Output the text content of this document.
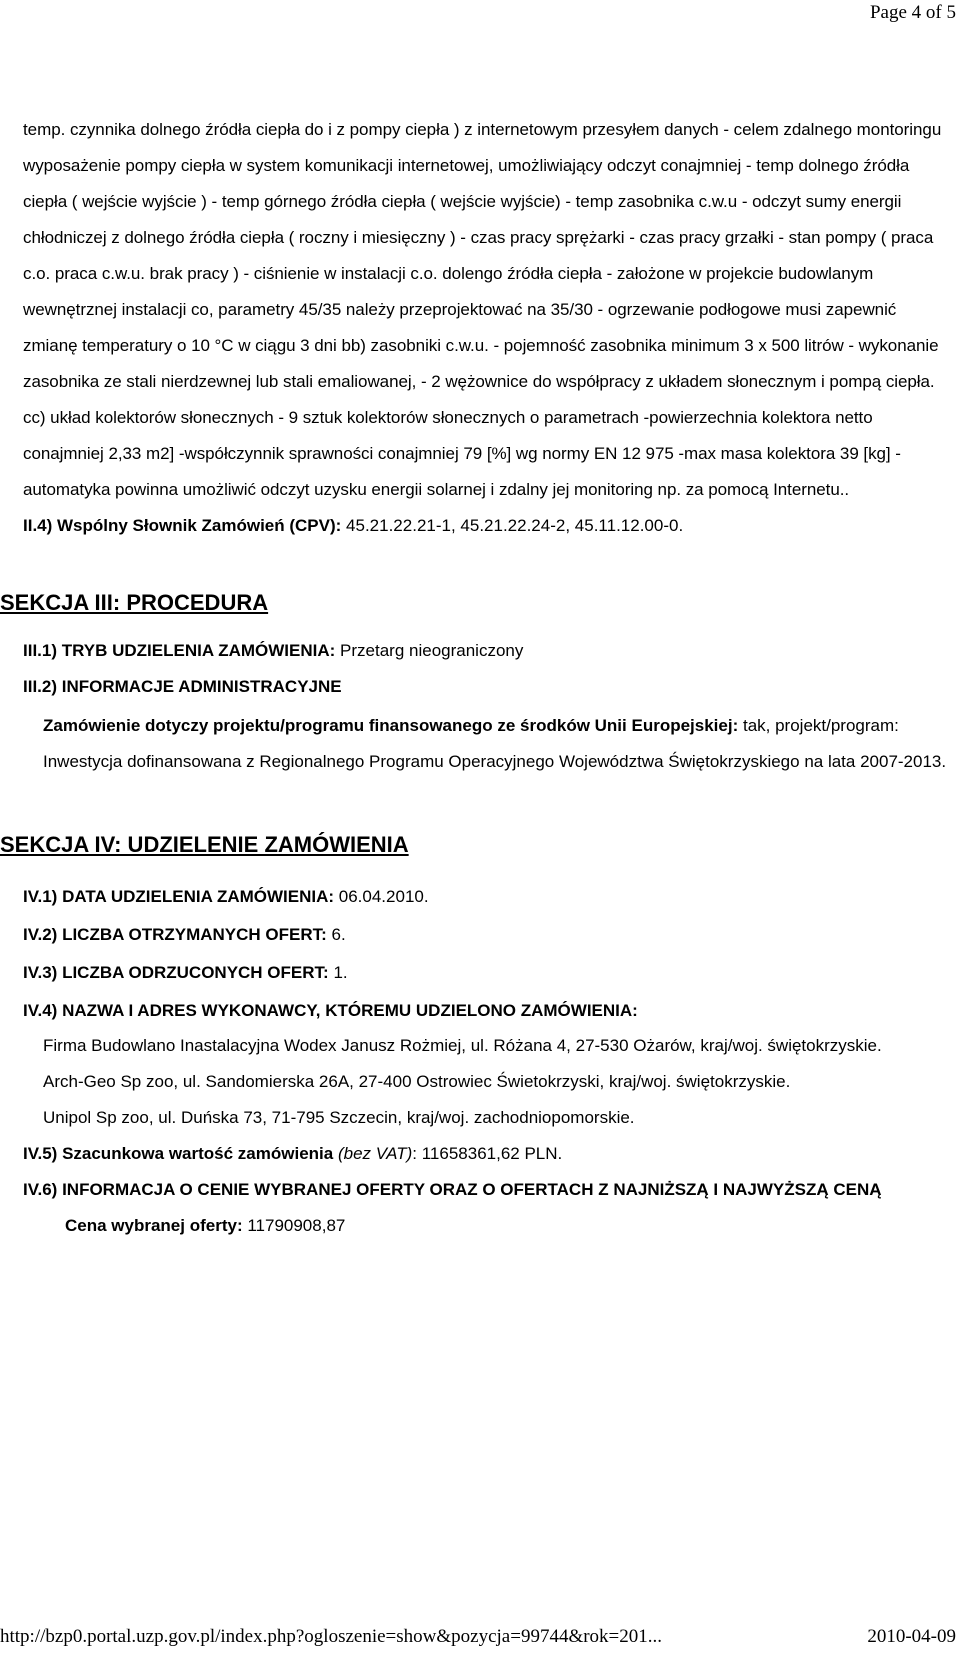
Page 4 of 5

temp. czynnika dolnego źródła ciepła do i z pompy ciepła ) z internetowym przesyłem danych - celem zdalnego montoringu wyposażenie pompy ciepła w system komunikacji internetowej, umożliwiający odczyt conajmniej - temp dolnego źródła ciepła ( wejście wyjście ) - temp górnego źródła ciepła ( wejście wyjście) - temp zasobnika c.w.u - odczyt sumy energii chłodniczej z dolnego źródła ciepła ( roczny i miesięczny ) - czas pracy sprężarki - czas pracy grzałki - stan pompy ( praca c.o. praca c.w.u. brak pracy ) - ciśnienie w instalacji c.o. dolengo źródła ciepła - założone w projekcie budowlanym wewnętrznej instalacji co, parametry 45/35 należy przeprojektować na 35/30 - ogrzewanie podłogowe musi zapewnić zmianę temperatury o 10 °C w ciągu 3 dni bb) zasobniki c.w.u. - pojemność zasobnika minimum 3 x 500 litrów - wykonanie zasobnika ze stali nierdzewnej lub stali emaliowanej, - 2 wężownice do współpracy z układem słonecznym i pompą ciepła. cc) układ kolektorów słonecznych - 9 sztuk kolektorów słonecznych o parametrach -powierzechnia kolektora netto conajmniej 2,33 m2] -współczynnik sprawności conajmniej 79 [%] wg normy EN 12 975 -max masa kolektora 39 [kg] -automatyka powinna umożliwić odczyt uzysku energii solarnej i zdalny jej monitoring np. za pomocą Internetu..

II.4) Wspólny Słownik Zamówień (CPV): 45.21.22.21-1, 45.21.22.24-2, 45.11.12.00-0.

SEKCJA III: PROCEDURA

III.1) TRYB UDZIELENIA ZAMÓWIENIA: Przetarg nieograniczony

III.2) INFORMACJE ADMINISTRACYJNE

Zamówienie dotyczy projektu/programu finansowanego ze środków Unii Europejskiej: tak, projekt/program: Inwestycja dofinansowana z Regionalnego Programu Operacyjnego Województwa Świętokrzyskiego na lata 2007-2013.

SEKCJA IV: UDZIELENIE ZAMÓWIENIA

IV.1) DATA UDZIELENIA ZAMÓWIENIA: 06.04.2010.

IV.2) LICZBA OTRZYMANYCH OFERT: 6.

IV.3) LICZBA ODRZUCONYCH OFERT: 1.

IV.4) NAZWA I ADRES WYKONAWCY, KTÓREMU UDZIELONO ZAMÓWIENIA:

Firma Budowlano Inastalacyjna Wodex Janusz Rożmiej, ul. Różana 4, 27-530 Ożarów, kraj/woj. świętokrzyskie.

Arch-Geo Sp zoo, ul. Sandomierska 26A, 27-400 Ostrowiec Świetokrzyski, kraj/woj. świętokrzyskie.

Unipol Sp zoo, ul. Duńska 73, 71-795 Szczecin, kraj/woj. zachodniopomorskie.

IV.5) Szacunkowa wartość zamówienia (bez VAT): 11658361,62 PLN.

IV.6) INFORMACJA O CENIE WYBRANEJ OFERTY ORAZ O OFERTACH Z NAJNIŻSZĄ I NAJWYŻSZĄ CENĄ

Cena wybranej oferty: 11790908,87

http://bzp0.portal.uzp.gov.pl/index.php?ogloszenie=show&pozycja=99744&rok=201...	2010-04-09
